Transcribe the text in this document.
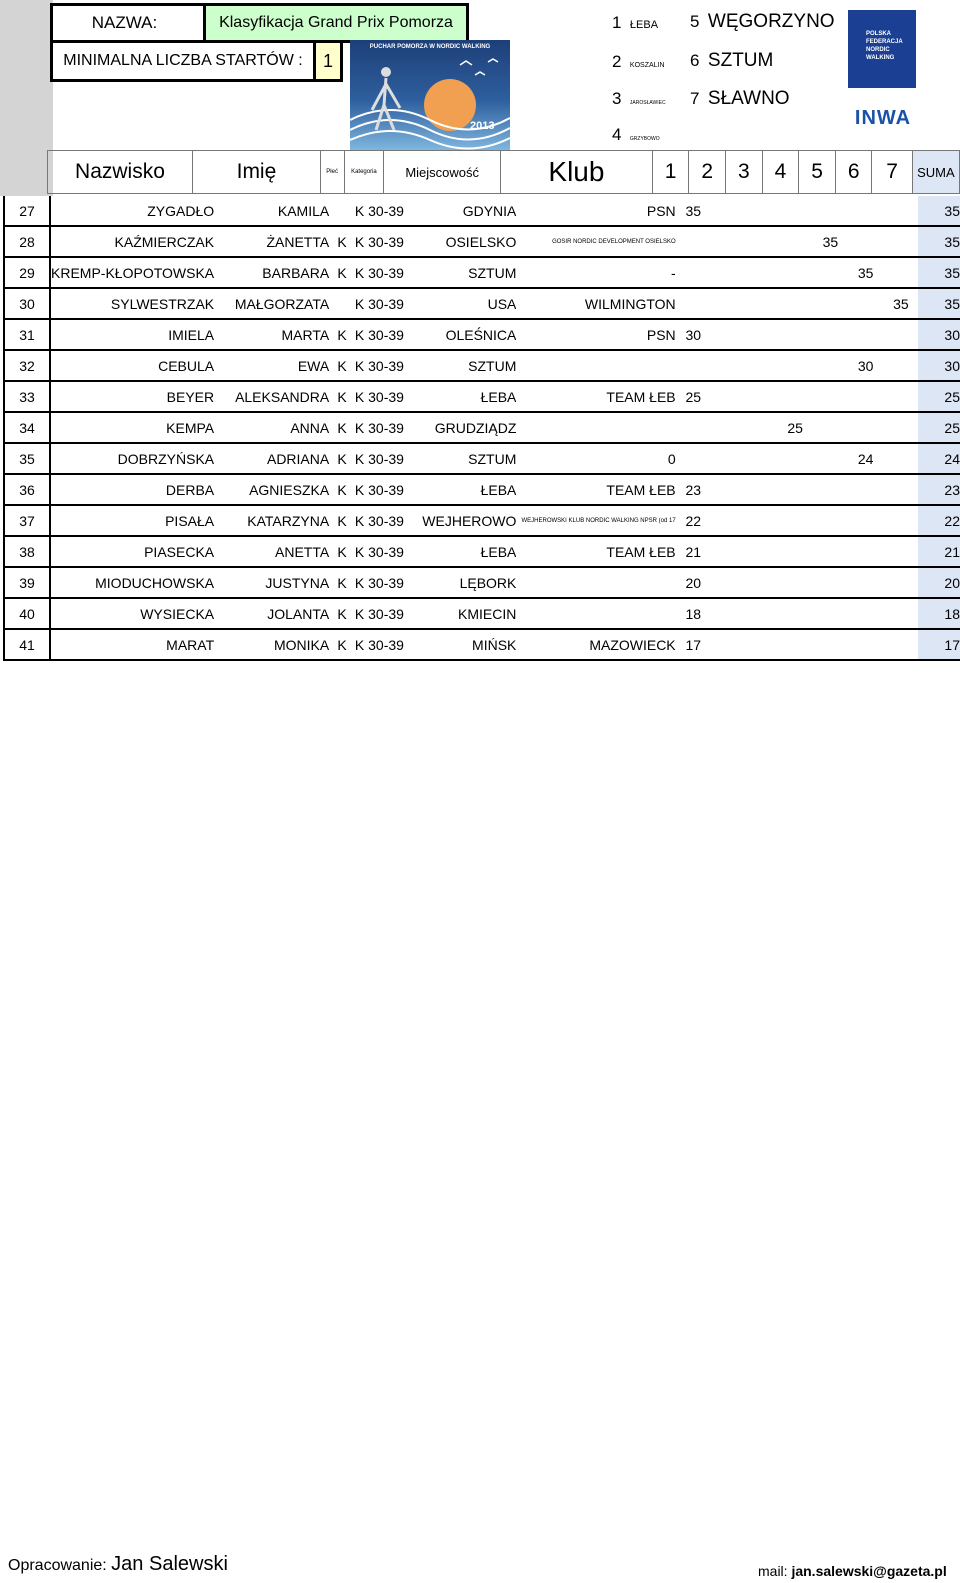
NAZWA:	Klasyfikacja Grand Prix Pomorza
MINIMALNA LICZBA STARTÓW : 1
PUCHAR POMORZA W NORDIC WALKING
2013
1 ŁEBA
2 KOSZALIN
3 JAROSŁAWIEC
4 GRZYBOWO
5 WĘGORZYNO
6 SZTUM
7 SŁAWNO
POLSKA
FEDERACJA
NORDIC
WALKING
INWA
	Nazwisko	Imię	Płeć	Kategoria	Miejscowość	Klub	1	2	3	4	5	6	7	SUMA
27	ZYGADŁO	KAMILA		K 30-39	GDYNIA	PSN	35							35
28	KAŹMIERCZAK	ŻANETTA	K	K 30-39	OSIELSKO	GOSIR NORDIC DEVELOPMENT OSIELSKO					35			35
29	KREMP-KŁOPOTOWSKA	BARBARA	K	K 30-39	SZTUM	-						35		35
30	SYLWESTRZAK	MAŁGORZATA		K 30-39	USA	WILMINGTON							35	35
31	IMIELA	MARTA	K	K 30-39	OLEŚNICA	PSN	30							30
32	CEBULA	EWA	K	K 30-39	SZTUM							30		30
33	BEYER	ALEKSANDRA	K	K 30-39	ŁEBA	TEAM ŁEB	25							25
34	KEMPA	ANNA	K	K 30-39	GRUDZIĄDZ					25				25
35	DOBRZYŃSKA	ADRIANA	K	K 30-39	SZTUM	0						24		24
36	DERBA	AGNIESZKA	K	K 30-39	ŁEBA	TEAM ŁEB	23							23
37	PISAŁA	KATARZYNA	K	K 30-39	WEJHEROWO	WEJHEROWSKI KLUB NORDIC WALKING NPSR (od 17	22							22
38	PIASECKA	ANETTA	K	K 30-39	ŁEBA	TEAM ŁEB	21							21
39	MIODUCHOWSKA	JUSTYNA	K	K 30-39	LĘBORK		20							20
40	WYSIECKA	JOLANTA	K	K 30-39	KMIECIN		18							18
41	MARAT	MONIKA	K	K 30-39	MIŃSK	MAZOWIECK	17							17
Opracowanie: Jan Salewski	mail: jan.salewski@gazeta.pl
